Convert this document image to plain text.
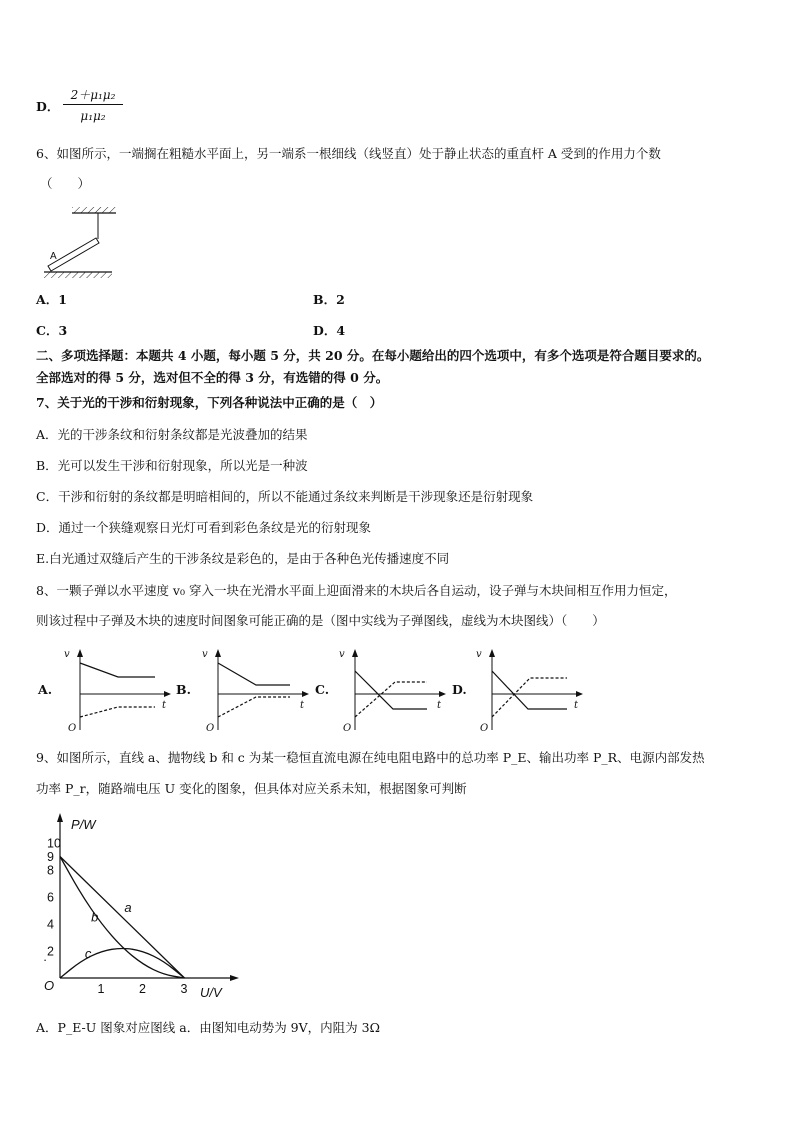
D．
2＋μ₁μ₂
μ₁μ₂
6、如图所示，一端搁在粗糙水平面上，另一端系一根细线（线竖直）处于静止状态的重直杆 A 受到的作用力个数
（　　）
A
A．1	B．2
C．3	D．4
二、多项选择题：本题共 4 小题，每小题 5 分，共 20 分。在每小题给出的四个选项中，有多个选项是符合题目要求的。
全部选对的得 5 分，选对但不全的得 3 分，有选错的得 0 分。
7、关于光的干涉和衍射现象，下列各种说法中正确的是（　）
A．光的干涉条纹和衍射条纹都是光波叠加的结果
B．光可以发生干涉和衍射现象，所以光是一种波
C．干涉和衍射的条纹都是明暗相间的，所以不能通过条纹来判断是干涉现象还是衍射现象
D．通过一个狭缝观察日光灯可看到彩色条纹是光的衍射现象
E.白光通过双缝后产生的干涉条纹是彩色的，是由于各种色光传播速度不同
8、一颗子弹以水平速度 v₀ 穿入一块在光滑水平面上迎面滑来的木块后各自运动，设子弹与木块间相互作用力恒定，
则该过程中子弹及木块的速度时间图象可能正确的是（图中实线为子弹图线，虚线为木块图线）（　　）
A.	B.	C.	D.
v
t
O
v
t
O
v
t
O
v
t
O
9、如图所示，直线 a、抛物线 b 和 c 为某一稳恒直流电源在纯电阻电路中的总功率 P_E、输出功率 P_R、电源内部发热
功率 P_r，随路端电压 U 变化的图象，但具体对应关系未知，根据图象可判断
P/W
U/V
O
·
1	2	3
2
4
6
8
9
10
a
b
c
A．P_E-U 图象对应图线 a．由图知电动势为 9V，内阻为 3Ω
